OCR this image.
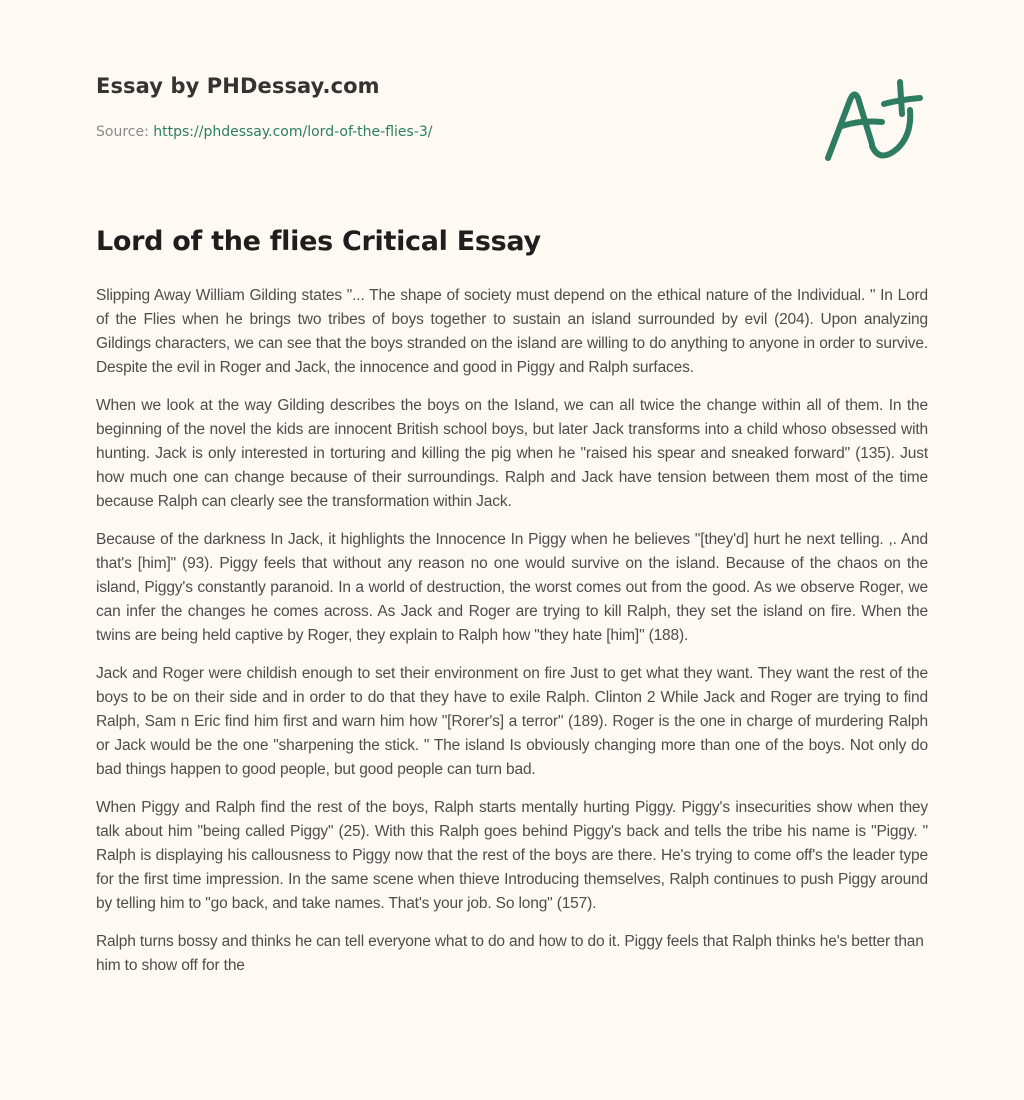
Essay by PHDessay.com
Source: https://phdessay.com/lord-of-the-flies-3/
Lord of the flies Critical Essay

Slipping Away William Gilding states "... The shape of society must depend on the ethical nature of the Individual. " In Lord of the Flies when he brings two tribes of boys together to sustain an island surrounded by evil (204). Upon analyzing Gildings characters, we can see that the boys stranded on the island are willing to do anything to anyone in order to survive. Despite the evil in Roger and Jack, the innocence and good in Piggy and Ralph surfaces.

When we look at the way Gilding describes the boys on the Island, we can all twice the change within all of them. In the beginning of the novel the kids are innocent British school boys, but later Jack transforms into a child whoso obsessed with hunting. Jack is only interested in torturing and killing the pig when he "raised his spear and sneaked forward" (135). Just how much one can change because of their surroundings. Ralph and Jack have tension between them most of the time because Ralph can clearly see the transformation within Jack.

Because of the darkness In Jack, it highlights the Innocence In Piggy when he believes "[they'd] hurt he next telling. ,. And that's [him]" (93). Piggy feels that without any reason no one would survive on the island. Because of the chaos on the island, Piggy's constantly paranoid. In a world of destruction, the worst comes out from the good. As we observe Roger, we can infer the changes he comes across. As Jack and Roger are trying to kill Ralph, they set the island on fire. When the twins are being held captive by Roger, they explain to Ralph how "they hate [him]" (188).

Jack and Roger were childish enough to set their environment on fire Just to get what they want. They want the rest of the boys to be on their side and in order to do that they have to exile Ralph. Clinton 2 While Jack and Roger are trying to find Ralph, Sam n Eric find him first and warn him how "[Rorer's] a terror" (189). Roger is the one in charge of murdering Ralph or Jack would be the one "sharpening the stick. " The island Is obviously changing more than one of the boys. Not only do bad things happen to good people, but good people can turn bad.

When Piggy and Ralph find the rest of the boys, Ralph starts mentally hurting Piggy. Piggy's insecurities show when they talk about him "being called Piggy" (25). With this Ralph goes behind Piggy's back and tells the tribe his name is "Piggy. " Ralph is displaying his callousness to Piggy now that the rest of the boys are there. He's trying to come off's the leader type for the first time impression. In the same scene when thieve Introducing themselves, Ralph continues to push Piggy around by telling him to "go back, and take names. That's your job. So long" (157).

Ralph turns bossy and thinks he can tell everyone what to do and how to do it. Piggy feels that Ralph thinks he's better than him to show off for the
